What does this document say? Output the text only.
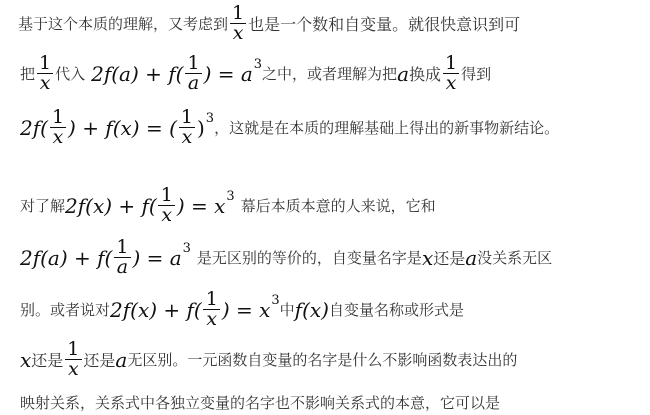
基于这个本质的理解，又考虑到 $\frac{1}{x}$ 也是一个数和自变量。就很快意识到可
把 $\frac{1}{x}$ 代入 $2f(a) + f( \frac{1}{a}$ ) = a 3
之中，或者理解为把 a 换成 $\frac{1}{x}$ 得到
$2f( \frac{1}{x}$ ) + f(x) = ( $\frac{1}{x}$ ) 3
，这就是在本质的理解基础上得出的新事物新结论。
对了解 $2f(x) + f( \frac{1}{x}$ ) = x 3
幕后本质本意的人来说，它和
$2f(a) + f( \frac{1}{a}$ ) = a 3
是无区别的等价的，自变量名字是 x 还是 a 没关系无区
别。或者说对 $2f(x) + f( \frac{1}{x}$ ) = x 3
中 f(x) 自变量名称或形式是
x 还是 $\frac{1}{x}$ 还是 a 无区别。一元函数自变量的名字是什么不影响函数表达出的
映射关系，关系式中各独立变量的名字也不影响关系式的本意，它可以是
